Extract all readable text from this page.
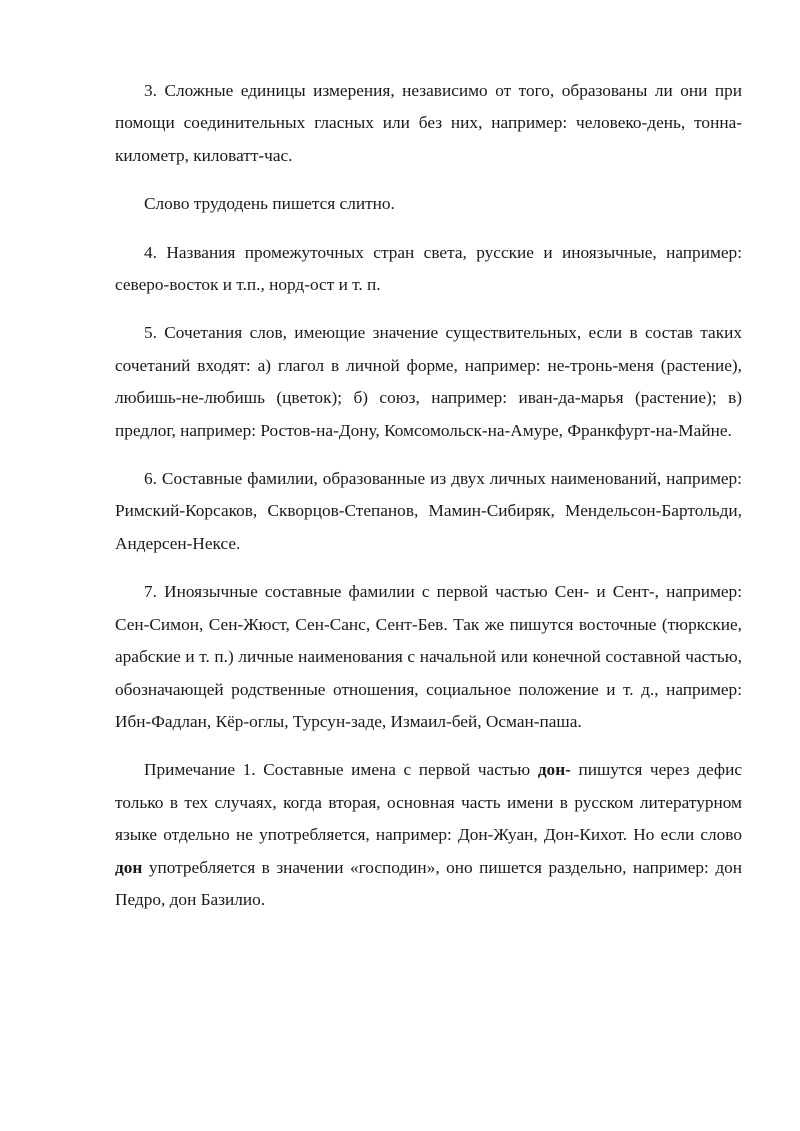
3. Сложные единицы измерения, независимо от того, образованы ли они при помощи соединительных гласных или без них, например: человеко-день, тонна-километр, киловатт-час.

Слово трудодень пишется слитно.

4. Названия промежуточных стран света, русские и иноязычные, например: северо-восток и т.п., норд-ост и т. п.

5. Сочетания слов, имеющие значение существительных, если в состав таких сочетаний входят: а) глагол в личной форме, например: не-тронь-меня (растение), любишь-не-любишь (цветок); б) союз, например: иван-да-марья (растение); в) предлог, например: Ростов-на-Дону, Комсомольск-на-Амуре, Франкфурт-на-Майне.

6. Составные фамилии, образованные из двух личных наименований, например: Римский-Корсаков, Скворцов-Степанов, Мамин-Сибиряк, Мендельсон-Бартольди, Андерсен-Нексе.

7. Иноязычные составные фамилии с первой частью Сен- и Сент-, например: Сен-Симон, Сен-Жюст, Сен-Санс, Сент-Бев. Так же пишутся восточные (тюркские, арабские и т. п.) личные наименования с начальной или конечной составной частью, обозначающей родственные отношения, социальное положение и т. д., например: Ибн-Фадлан, Кёр-оглы, Турсун-заде, Измаил-бей, Осман-паша.

Примечание 1. Составные имена с первой частью дон- пишутся через дефис только в тех случаях, когда вторая, основная часть имени в русском литературном языке отдельно не употребляется, например: Дон-Жуан, Дон-Кихот. Но если слово дон употребляется в значении «господин», оно пишется раздельно, например: дон Педро, дон Базилио.
